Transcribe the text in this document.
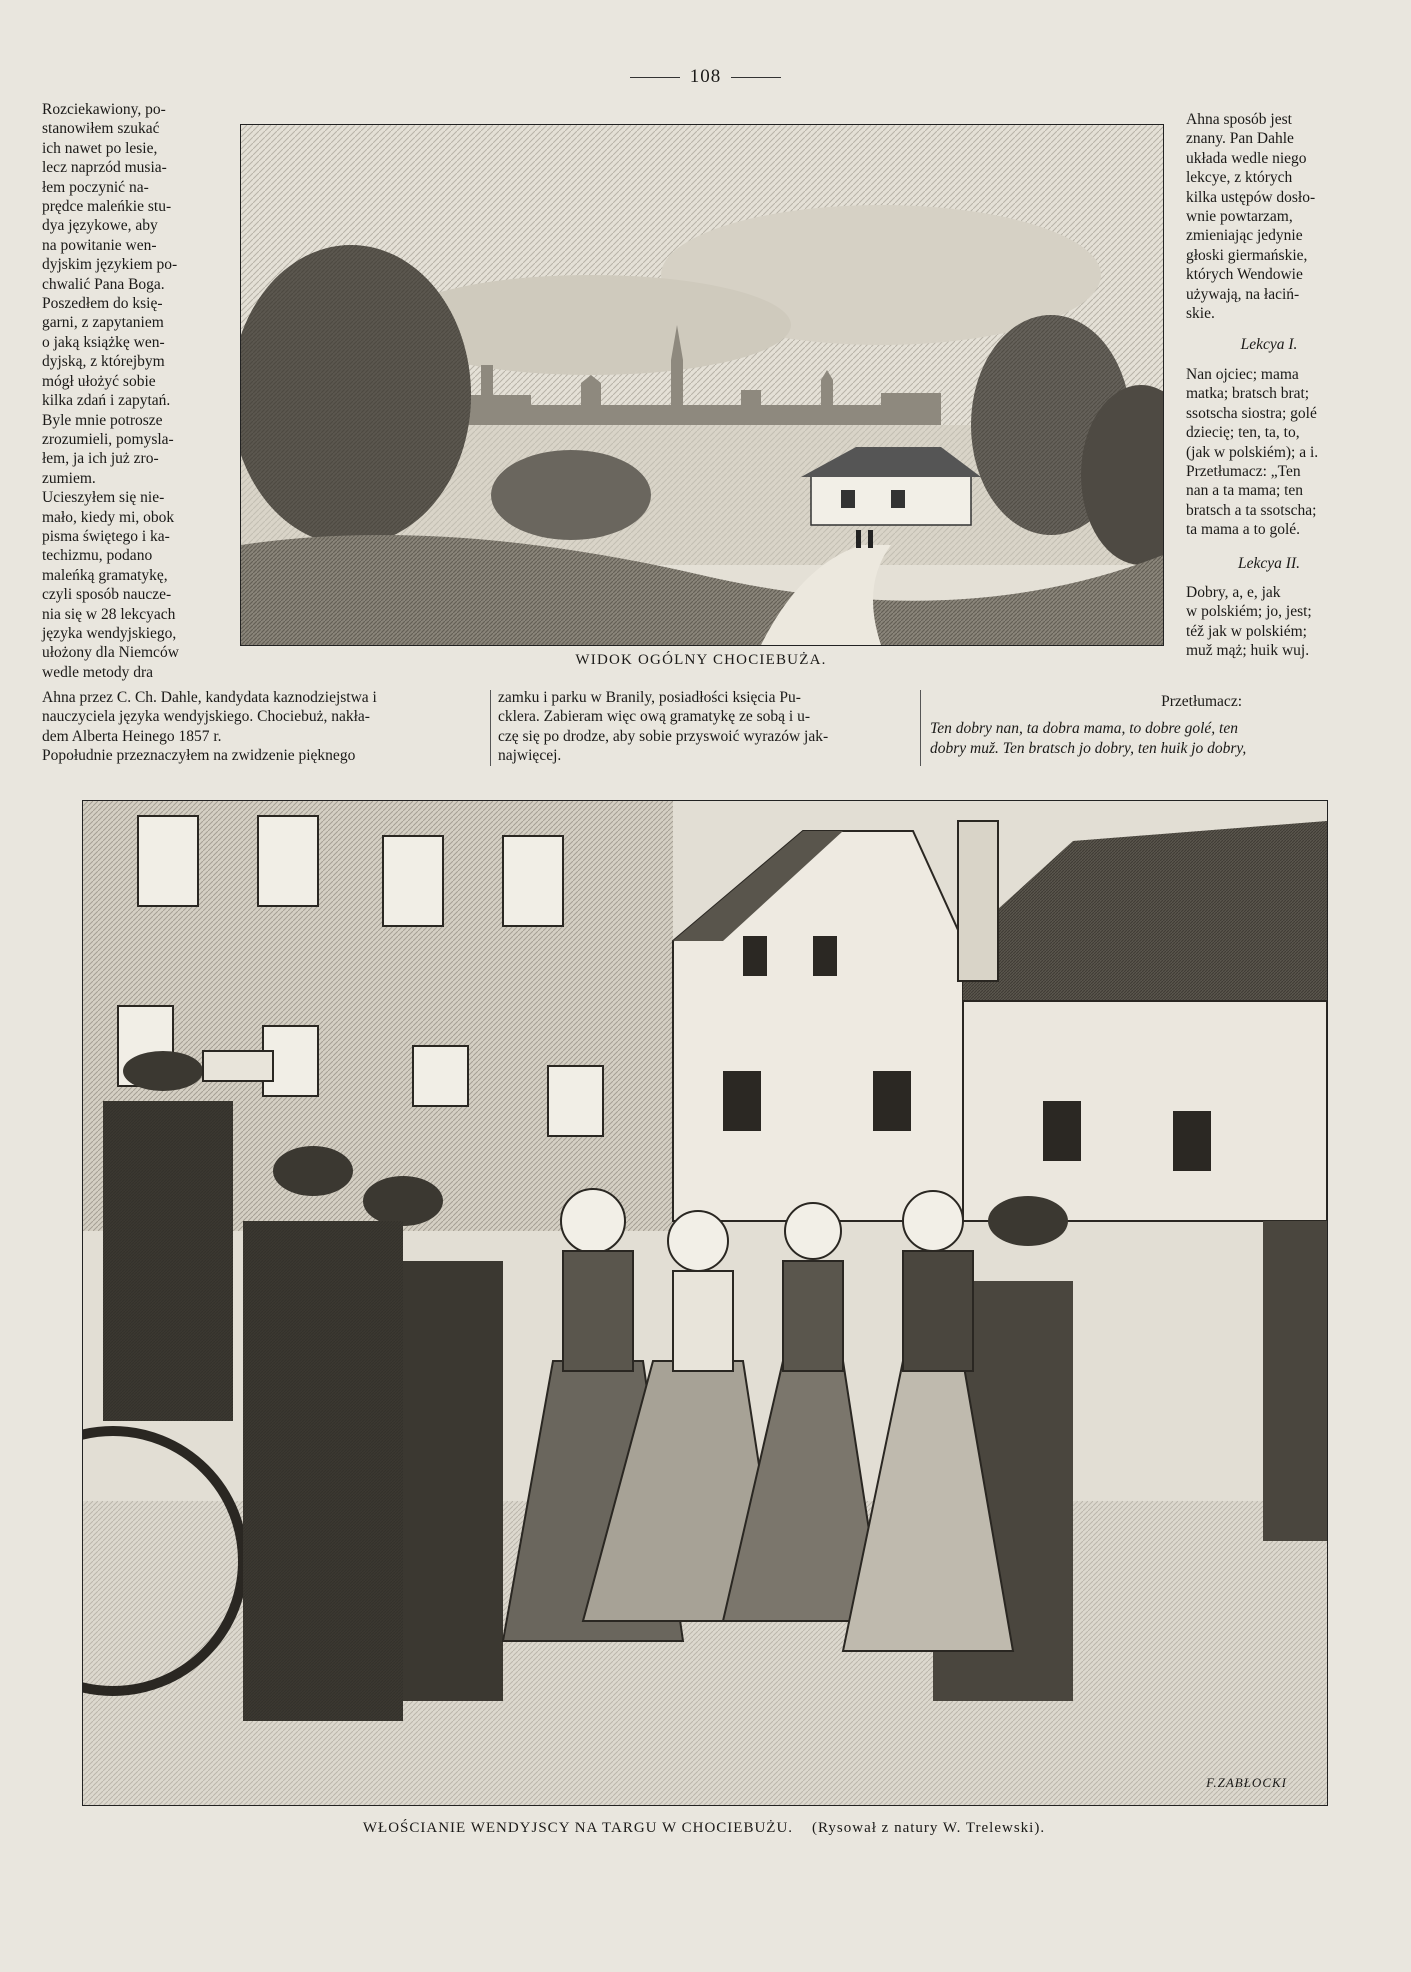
108
Rozciekawiony, po-
stanowiłem szukać
ich nawet po lesie,
lecz naprzód musia-
łem poczynić na-
prędce maleńkie stu-
dya językowe, aby
na powitanie wen-
dyjskim językiem po-
chwalić Pana Boga.
Poszedłem do księ-
garni, z zapytaniem
o jaką książkę wen-
dyjską, z którejbym
mógł ułożyć sobie
kilka zdań i zapytań.
Byle mnie potrosze
zrozumieli, pomysla-
łem, ja ich już zro-
zumiem.
Ucieszyłem się nie-
mało, kiedy mi, obok
pisma świętego i ka-
techizmu, podano
maleńką gramatykę,
czyli sposób naucze-
nia się w 28 lekcyach
języka wendyjskiego,
ułożony dla Niemców
wedle metody dra
WIDOK OGÓLNY CHOCIEBUŻA.
Ahna sposób jest
znany. Pan Dahle
układa wedle niego
lekcye, z których
kilka ustępów dosło-
wnie powtarzam,
zmieniając jedynie
głoski giermańskie,
których Wendowie
używają, na łaciń-
skie.
Lekcya I.
Nan ojciec; mama
matka; bratsch brat;
ssotscha siostra; golé
dziecię; ten, ta, to,
(jak w polskiém); a i.
Przetłumacz: „Ten
nan a ta mama; ten
bratsch a ta ssotscha;
ta mama a to golé.
Lekcya II.
Dobry, a, e, jak
w polskiém; jo, jest;
též jak w polskiém;
muž mąż; huik wuj.
Ahna przez C. Ch. Dahle, kandydata kaznodziejstwa i
nauczyciela języka wendyjskiego. Chociebuż, nakła-
dem Alberta Heinego 1857 r.
Popołudnie przeznaczyłem na zwidzenie pięknego
zamku i parku w Branily, posiadłości księcia Pu-
cklera. Zabieram więc ową gramatykę ze sobą i u-
czę się po drodze, aby sobie przyswoić wyrazów jak-
najwięcej.
Przetłumacz:
Ten dobry nan, ta dobra mama, to dobre golé, ten
dobry muž. Ten bratsch jo dobry, ten huik jo dobry,
F.ZABŁOCKI
WŁOŚCIANIE WENDYJSCY NA TARGU W CHOCIEBUŻU. (Rysował z natury W. Trelewski).
